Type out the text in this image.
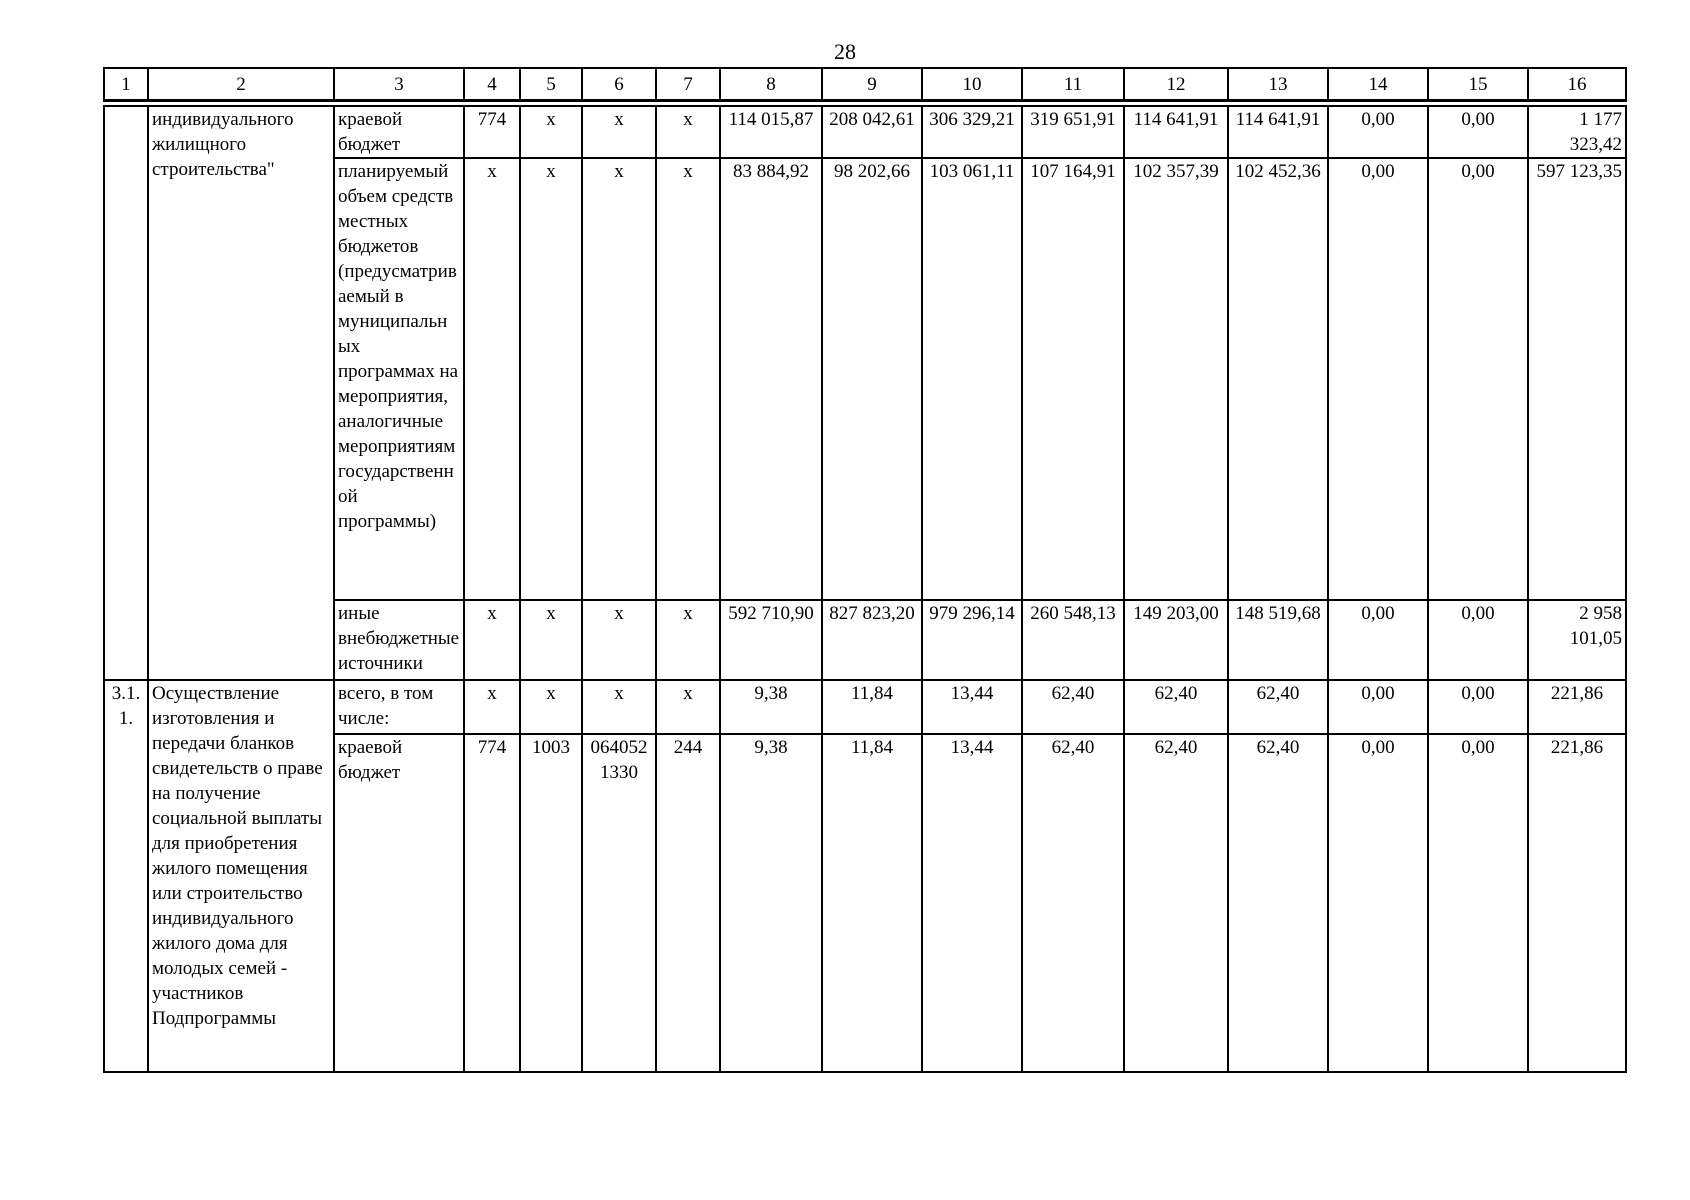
28
1	2	3	4	5	6	7	8	9	10	11	12	13	14	15	16

	индивидуального жилищного строительства"	краевой бюджет	774	х	х	х	114 015,87	208 042,61	306 329,21	319 651,91	114 641,91	114 641,91	0,00	0,00	1 177 323,42
		планируемый объем средств местных бюджетов (предусматриваемый в муниципальных программах на мероприятия, аналогичные мероприятиям государственной программы)	х	х	х	х	83 884,92	98 202,66	103 061,11	107 164,91	102 357,39	102 452,36	0,00	0,00	597 123,35
		иные внебюджетные источники	х	х	х	х	592 710,90	827 823,20	979 296,14	260 548,13	149 203,00	148 519,68	0,00	0,00	2 958 101,05
3.1.1.	Осуществление изготовления и передачи бланков свидетельств о праве на получение социальной выплаты для приобретения жилого помещения или строительство индивидуального жилого дома для молодых семей - участников Подпрограммы	всего, в том числе:	х	х	х	х	9,38	11,84	13,44	62,40	62,40	62,40	0,00	0,00	221,86
		краевой бюджет	774	1003	0640521330	244	9,38	11,84	13,44	62,40	62,40	62,40	0,00	0,00	221,86
